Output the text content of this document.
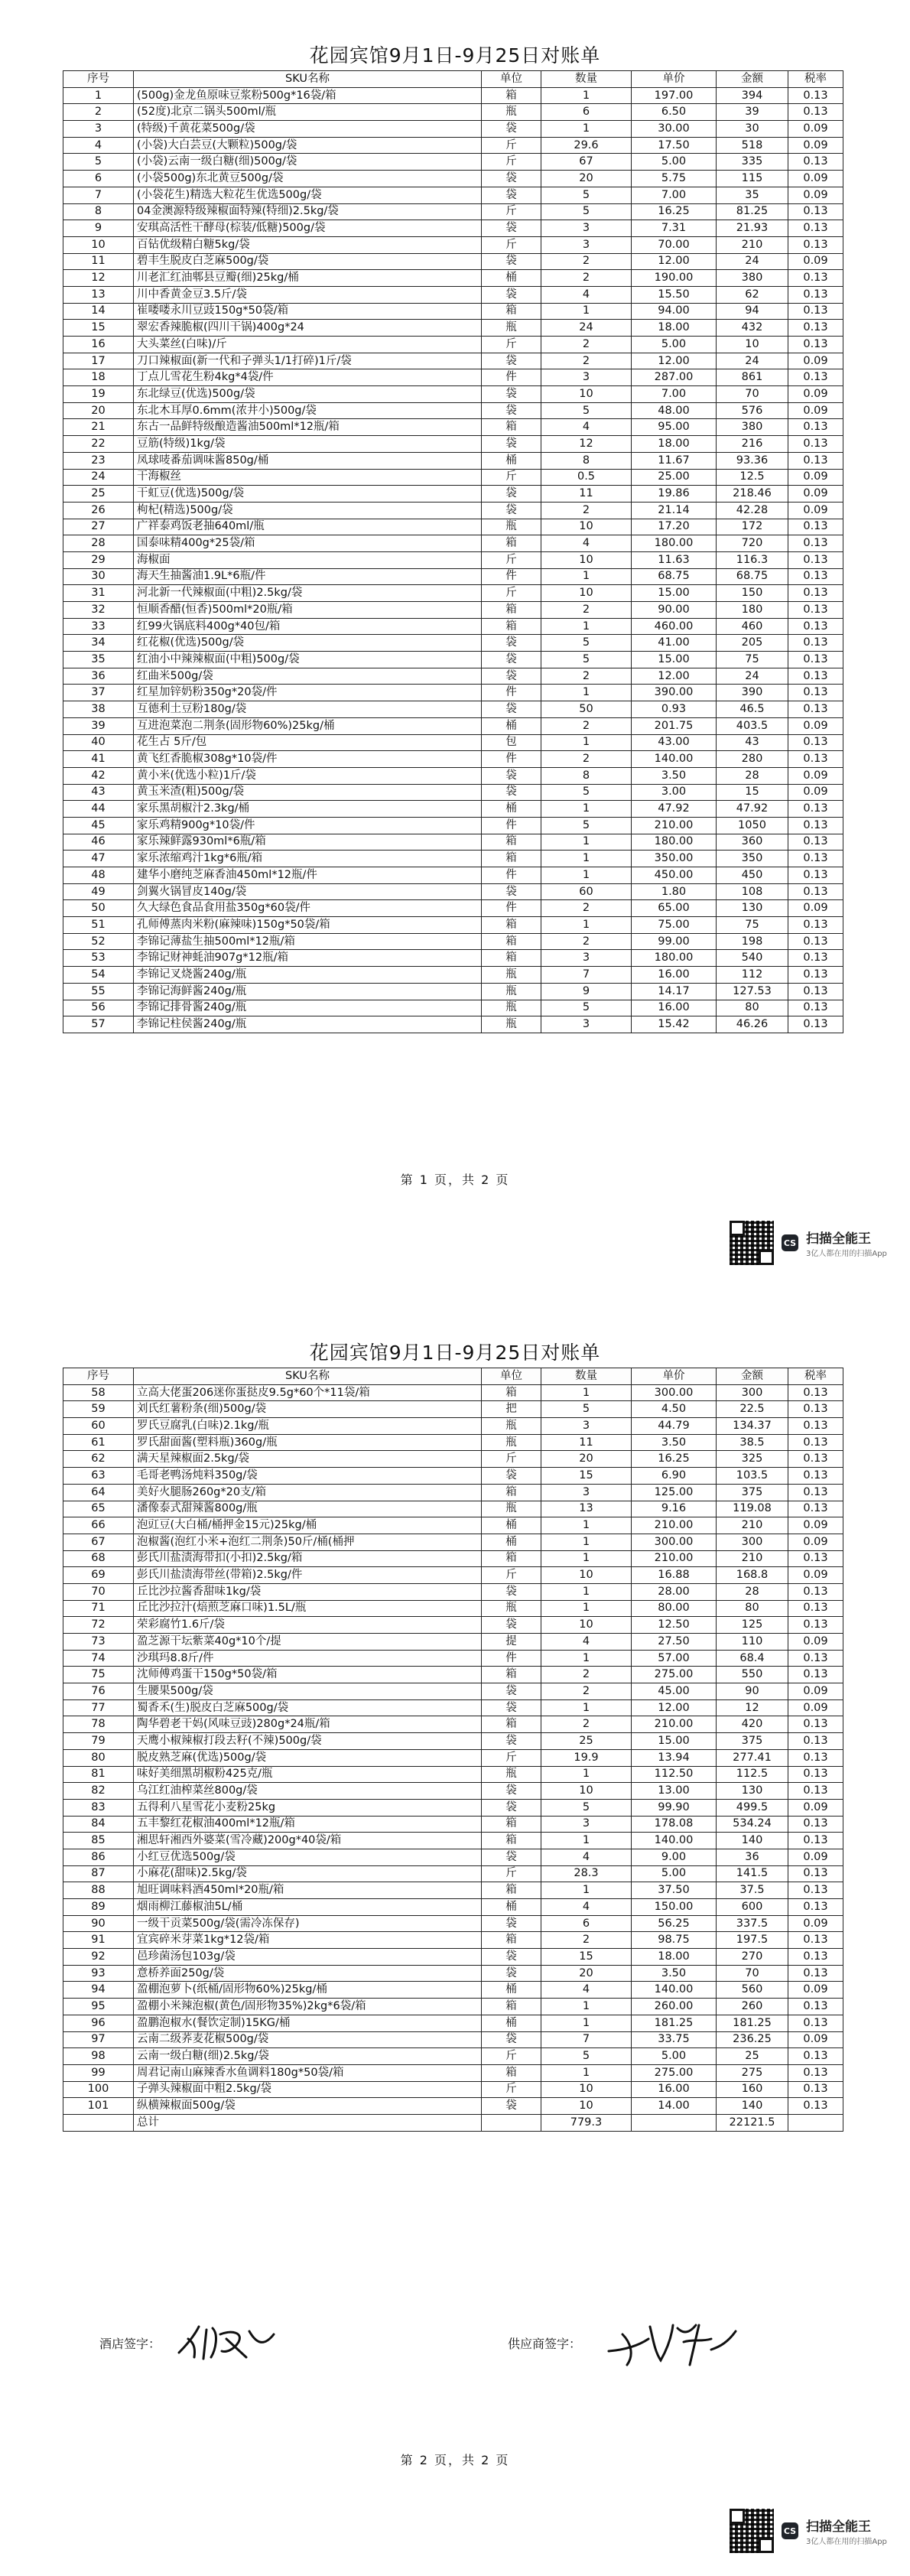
花园宾馆9月1日-9月25日对账单
序号	SKU名称	单位	数量	单价	金额	税率
1	(500g)金龙鱼原味豆浆粉500g*16袋/箱	箱	1	197.00	394	0.13
2	(52度)北京二锅头500ml/瓶	瓶	6	6.50	39	0.13
3	(特级)千黄花菜500g/袋	袋	1	30.00	30	0.09
4	(小袋)大白芸豆(大颗粒)500g/袋	斤	29.6	17.50	518	0.09
5	(小袋)云南一级白糖(细)500g/袋	斤	67	5.00	335	0.13
6	(小袋500g)东北黄豆500g/袋	袋	20	5.75	115	0.09
7	(小袋花生)精选大粒花生优选500g/袋	袋	5	7.00	35	0.09
8	04金澳源特级辣椒面特辣(特细)2.5kg/袋	斤	5	16.25	81.25	0.13
9	安琪高活性干酵母(棕装/低糖)500g/袋	袋	3	7.31	21.93	0.13
10	百钻优级精白糖5kg/袋	斤	3	70.00	210	0.13
11	碧丰生脱皮白芝麻500g/袋	袋	2	12.00	24	0.09
12	川老汇红油郫县豆瓣(细)25kg/桶	桶	2	190.00	380	0.13
13	川中香黄金豆3.5斤/袋	袋	4	15.50	62	0.13
14	崔喽喽永川豆豉150g*50袋/箱	箱	1	94.00	94	0.13
15	翠宏香辣脆椒(四川干锅)400g*24	瓶	24	18.00	432	0.13
16	大头菜丝(白味)/斤	斤	2	5.00	10	0.13
17	刀口辣椒面(新一代和子弹头1/1打碎)1斤/袋	袋	2	12.00	24	0.09
18	丁点儿雪花生粉4kg*4袋/件	件	3	287.00	861	0.13
19	东北绿豆(优选)500g/袋	袋	10	7.00	70	0.09
20	东北木耳厚0.6mm(浓井小)500g/袋	袋	5	48.00	576	0.09
21	东古一品鲜特级酿造酱油500ml*12瓶/箱	箱	4	95.00	380	0.13
22	豆筋(特级)1kg/袋	袋	12	18.00	216	0.13
23	凤球唛番茄调味酱850g/桶	桶	8	11.67	93.36	0.13
24	干海椒丝	斤	0.5	25.00	12.5	0.09
25	干虹豆(优选)500g/袋	袋	11	19.86	218.46	0.09
26	枸杞(精选)500g/袋	袋	2	21.14	42.28	0.09
27	广祥泰鸡饭老抽640ml/瓶	瓶	10	17.20	172	0.13
28	国泰味精400g*25袋/箱	箱	4	180.00	720	0.13
29	海椒面	斤	10	11.63	116.3	0.13
30	海天生抽酱油1.9L*6瓶/件	件	1	68.75	68.75	0.13
31	河北新一代辣椒面(中粗)2.5kg/袋	斤	10	15.00	150	0.13
32	恒顺香醋(恒香)500ml*20瓶/箱	箱	2	90.00	180	0.13
33	红99火锅底料400g*40包/箱	箱	1	460.00	460	0.13
34	红花椒(优选)500g/袋	袋	5	41.00	205	0.13
35	红油小中辣辣椒面(中粗)500g/袋	袋	5	15.00	75	0.13
36	红曲米500g/袋	袋	2	12.00	24	0.13
37	红星加锌奶粉350g*20袋/件	件	1	390.00	390	0.13
38	互德利土豆粉180g/袋	袋	50	0.93	46.5	0.13
39	互进泡菜泡二荆条(固形物60%)25kg/桶	桶	2	201.75	403.5	0.09
40	花生占 5斤/包	包	1	43.00	43	0.13
41	黄飞红香脆椒308g*10袋/件	件	2	140.00	280	0.13
42	黄小米(优选小粒)1斤/袋	袋	8	3.50	28	0.09
43	黄玉米渣(粗)500g/袋	袋	5	3.00	15	0.09
44	家乐黑胡椒汁2.3kg/桶	桶	1	47.92	47.92	0.13
45	家乐鸡精900g*10袋/件	件	5	210.00	1050	0.13
46	家乐辣鲜露930ml*6瓶/箱	箱	1	180.00	360	0.13
47	家乐浓缩鸡汁1kg*6瓶/箱	箱	1	350.00	350	0.13
48	建华小磨纯芝麻香油450ml*12瓶/件	件	1	450.00	450	0.13
49	剑翼火锅冒皮140g/袋	袋	60	1.80	108	0.13
50	久大绿色食品食用盐350g*60袋/件	件	2	65.00	130	0.09
51	孔师傅蒸肉米粉(麻辣味)150g*50袋/箱	箱	1	75.00	75	0.13
52	李锦记薄盐生抽500ml*12瓶/箱	箱	2	99.00	198	0.13
53	李锦记财神蚝油907g*12瓶/箱	箱	3	180.00	540	0.13
54	李锦记叉烧酱240g/瓶	瓶	7	16.00	112	0.13
55	李锦记海鲜酱240g/瓶	瓶	9	14.17	127.53	0.13
56	李锦记排骨酱240g/瓶	瓶	5	16.00	80	0.13
57	李锦记柱侯酱240g/瓶	瓶	3	15.42	46.26	0.13
第 1 页，共 2 页
CS 扫描全能王
3亿人都在用的扫描App
花园宾馆9月1日-9月25日对账单
序号	SKU名称	单位	数量	单价	金额	税率
58	立高大佬蛋206迷你蛋挞皮9.5g*60个*11袋/箱	箱	1	300.00	300	0.13
59	刘氏红薯粉条(细)500g/袋	把	5	4.50	22.5	0.13
60	罗氏豆腐乳(白味)2.1kg/瓶	瓶	3	44.79	134.37	0.13
61	罗氏甜面酱(塑料瓶)360g/瓶	瓶	11	3.50	38.5	0.13
62	满天星辣椒面2.5kg/袋	斤	20	16.25	325	0.13
63	毛哥老鸭汤炖料350g/袋	袋	15	6.90	103.5	0.13
64	美好火腿肠260g*20支/箱	箱	3	125.00	375	0.13
65	潘像泰式甜辣酱800g/瓶	瓶	13	9.16	119.08	0.13
66	泡豇豆(大白桶/桶押金15元)25kg/桶	桶	1	210.00	210	0.09
67	泡椒酱(泡红小米+泡红二荆条)50斤/桶(桶押	桶	1	300.00	300	0.09
68	彭氏川盐渍海带扣(小扣)2.5kg/箱	箱	1	210.00	210	0.13
69	彭氏川盐渍海带丝(带箱)2.5kg/件	斤	10	16.88	168.8	0.09
70	丘比沙拉酱香甜味1kg/袋	袋	1	28.00	28	0.13
71	丘比沙拉汁(焙煎芝麻口味)1.5L/瓶	瓶	1	80.00	80	0.13
72	荣彩腐竹1.6斤/袋	袋	10	12.50	125	0.13
73	盈芝源干坛紫菜40g*10个/提	提	4	27.50	110	0.09
74	沙琪玛8.8斤/件	件	1	57.00	68.4	0.13
75	沈师傅鸡蛋干150g*50袋/箱	箱	2	275.00	550	0.13
76	生腰果500g/袋	袋	2	45.00	90	0.09
77	蜀香禾(生)脱皮白芝麻500g/袋	袋	1	12.00	12	0.09
78	陶华碧老干妈(风味豆豉)280g*24瓶/箱	箱	2	210.00	420	0.13
79	天鹰小椒辣椒打段去籽(不辣)500g/袋	袋	25	15.00	375	0.13
80	脱皮熟芝麻(优选)500g/袋	斤	19.9	13.94	277.41	0.13
81	味好美细黑胡椒粉425克/瓶	瓶	1	112.50	112.5	0.13
82	乌江红油榨菜丝800g/袋	袋	10	13.00	130	0.13
83	五得利八星雪花小麦粉25kg	袋	5	99.90	499.5	0.09
84	五丰黎红花椒油400ml*12瓶/箱	箱	3	178.08	534.24	0.13
85	湘思轩湘西外婆菜(雪冷藏)200g*40袋/箱	箱	1	140.00	140	0.13
86	小红豆优选500g/袋	袋	4	9.00	36	0.09
87	小麻花(甜味)2.5kg/袋	斤	28.3	5.00	141.5	0.13
88	旭旺调味料酒450ml*20瓶/箱	箱	1	37.50	37.5	0.13
89	烟雨柳江藤椒油5L/桶	桶	4	150.00	600	0.13
90	一级干贡菜500g/袋(需冷冻保存)	袋	6	56.25	337.5	0.09
91	宜宾碎米芽菜1kg*12袋/箱	箱	2	98.75	197.5	0.13
92	邑珍菌汤包103g/袋	袋	15	18.00	270	0.13
93	意桥养面250g/袋	袋	20	3.50	70	0.13
94	盈棚泡萝卜(纸桶/固形物60%)25kg/桶	桶	4	140.00	560	0.09
95	盈棚小米辣泡椒(黄色/固形物35%)2kg*6袋/箱	箱	1	260.00	260	0.13
96	盈鹏泡椒水(餐饮定制)15KG/桶	桶	1	181.25	181.25	0.13
97	云南二级荞麦花椒500g/袋	袋	7	33.75	236.25	0.09
98	云南一级白糖(细)2.5kg/袋	斤	5	5.00	25	0.13
99	周君记南山麻辣香水鱼调料180g*50袋/箱	箱	1	275.00	275	0.13
100	子弹头辣椒面中粗2.5kg/袋	斤	10	16.00	160	0.13
101	纵横辣椒面500g/袋	袋	10	14.00	140	0.13
	总计		779.3		22121.5	
酒店签字：	供应商签字：
第 2 页，共 2 页
CS 扫描全能王
3亿人都在用的扫描App
